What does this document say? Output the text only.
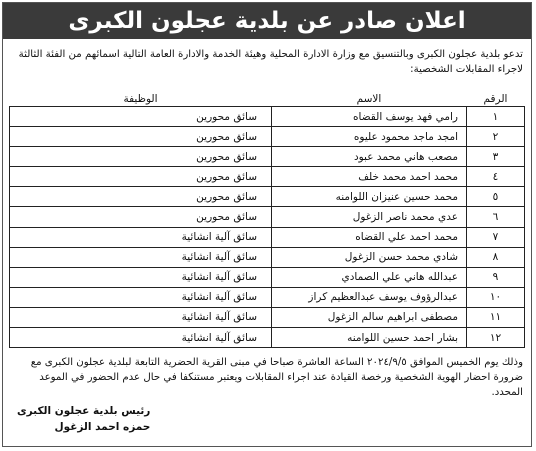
اعلان صادر عن بلدية عجلون الكبرى
تدعو بلدية عجلون الكبرى وبالتنسيق مع وزارة الادارة المحلية وهيئة الخدمة والادارة العامة التالية اسمائهم من الفئة الثالثة لاجراء المقابلات الشخصية:
الرقم	الاسم	الوظيفة
١	رامي فهد يوسف القضاه	سائق محورين
٢	امجد ماجد محمود عليوه	سائق محورين
٣	مصعب هاني محمد عبود	سائق محورين
٤	محمد احمد محمد خلف	سائق محورين
٥	محمد حسين عنيزان اللوامنه	سائق محورين
٦	عدي محمد ناصر الزغول	سائق محورين
٧	محمد احمد علي القضاه	سائق آلية انشائية
٨	شادي محمد حسن الزغول	سائق آلية انشائية
٩	عبدالله هاني علي الصمادي	سائق آلية انشائية
١٠	عبدالرؤوف يوسف عبدالعظيم كراز	سائق آلية انشائية
١١	مصطفى ابراهيم سالم الزغول	سائق آلية انشائية
١٢	بشار احمد حسين اللوامنه	سائق آلية انشائية
وذلك يوم الخميس الموافق ٢٠٢٤/٩/٥ الساعة العاشرة صباحا في مبنى القرية الحضرية التابعة لبلدية عجلون الكبرى مع ضرورة احضار الهوية الشخصية ورخصة القيادة عند اجراء المقابلات ويعتبر مستنكفا في حال عدم الحضور في الموعد المحدد.
رئيس بلدية عجلون الكبرى
حمزه احمد الزغول
